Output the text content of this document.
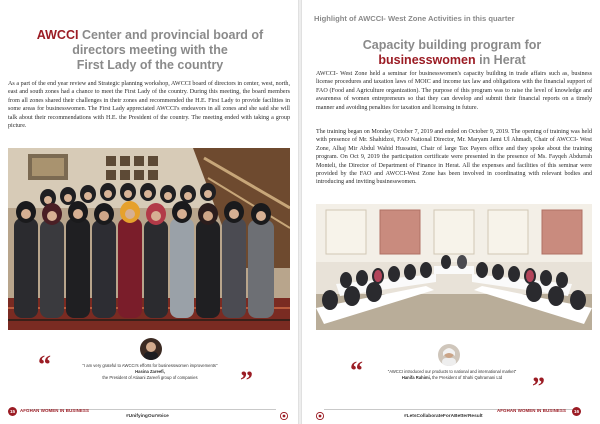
AWCCI Center and provincial board of
directors meeting with the
First Lady of the country

As a part of the end year review and Strategic planning workshop, AWCCI board of directors in center, west, north, east and south zones had a chance to meet the First Lady of the country. During this meeting, the board members from all zones shared their challenges in their zones and recommended the H.E. First Lady to provide facilities in some areas for businesswomen. The First Lady appreciated AWCCI's endeavors in all zones and she said she will talk about their recommendations with H.E. the President of the country. The meeting ended with taking a group picture.

“	"I am very grateful to AWCCI's efforts for businesswomen improvements"
Hasina Zareefi,
the President of Atiaani Zareefi group of companies	”
15	AFGHAN WOMEN IN BUSINESS
#UnifyingOurVoice
Highlight of AWCCI- West Zone Activities in this quarter
Capacity building program for
businesswomen in Herat

AWCCI- West Zone held a seminar for businesswomen's capacity building in trade affairs such as, business license procedures and taxation laws of MOIC and income tax law and obligations with the financial support of FAO (Food and Agriculture organization). The purpose of this program was to raise the level of knowledge and awareness of women entrepreneurs so that they can develop and submit their financial reports on a timely manner and avoiding penalties for taxation and licensing in future.

The training began on Monday October 7, 2019 and ended on October 9, 2019. The opening of training was held with presence of Mr. Shahidzoi, FAO National Director, Mr. Maryam Jami Ul Ahmadi, Chair of AWCCI- West Zone, Alhaj Mir Abdul Wahid Hussaini, Chair of large Tax Payers office and they spoke about the training program. On Oct 9, 2019 the participation certificate were presented in the presence of Ms. Fayqeh Abdurrah Monteli, the Director of Department of Finance in Herat. All the expenses and facilities of this seminar were provided by the FAO and AWCCI-West Zone has been involved in coordinating with relevant bodies and introducing and inviting businesswomen.

“	"AWCCI introduced our products to national and international market"
Hanifa Rahimi, the President of Shahi Qahramani Ltd	”
#LetsCollaborateForABetterResult
AFGHAN WOMEN IN BUSINESS	16
